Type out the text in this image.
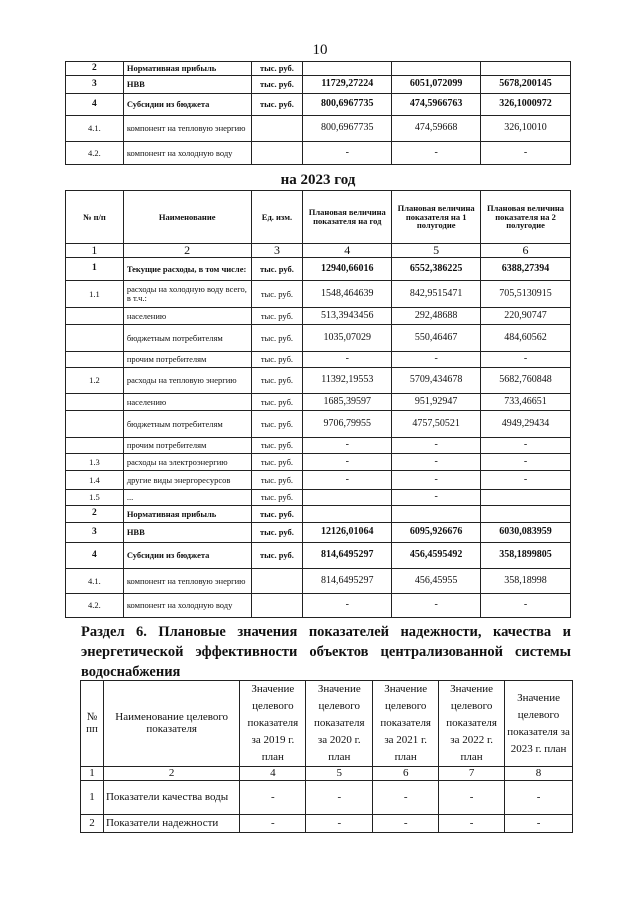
10
2	Нормативная прибыль	тыс. руб.			
3	НВВ	тыс. руб.	11729,27224	6051,072099	5678,200145
4	Субсидии из бюджета	тыс. руб.	800,6967735	474,5966763	326,1000972
4.1.	компонент на тепловую энергию		800,6967735	474,59668	326,10010
4.2.	компонент на холодную воду		-	-	-
на 2023 год
№ п/п	Наименование	Ед. изм.	Плановая величина показателя на год	Плановая величина показателя на 1 полугодие	Плановая величина показателя на 2 полугодие
1	2	3	4	5	6
1	Текущие расходы, в том числе:	тыс. руб.	12940,66016	6552,386225	6388,27394
1.1	расходы на холодную воду всего, в т.ч.:	тыс. руб.	1548,464639	842,9515471	705,5130915
	населению	тыс. руб.	513,3943456	292,48688	220,90747
	бюджетным потребителям	тыс. руб.	1035,07029	550,46467	484,60562
	прочим потребителям	тыс. руб.	-	-	-
1.2	расходы на тепловую энергию	тыс. руб.	11392,19553	5709,434678	5682,760848
	населению	тыс. руб.	1685,39597	951,92947	733,46651
	бюджетным потребителям	тыс. руб.	9706,79955	4757,50521	4949,29434
	прочим потребителям	тыс. руб.	-	-	-
1.3	расходы на электроэнергию	тыс. руб.	-	-	-
1.4	другие виды энергоресурсов	тыс. руб.	-	-	-
1.5	...	тыс. руб.		-	
2	Нормативная прибыль	тыс. руб.			
3	НВВ	тыс. руб.	12126,01064	6095,926676	6030,083959
4	Субсидии из бюджета	тыс. руб.	814,6495297	456,4595492	358,1899805
4.1.	компонент на тепловую энергию		814,6495297	456,45955	358,18998
4.2.	компонент на холодную воду		-	-	-
Раздел 6. Плановые значения показателей надежности, качества и энергетической эффективности объектов централизованной системы водоснабжения
№ пп	Наименование целевого показателя	Значение целевого показателя за 2019 г. план	Значение целевого показателя за 2020 г. план	Значение целевого показателя за 2021 г. план	Значение целевого показателя за 2022 г. план	Значение целевого показателя за 2023 г. план
1	2	4	5	6	7	8
1	Показатели качества воды	-	-	-	-	-
2	Показатели надежности	-	-	-	-	-
